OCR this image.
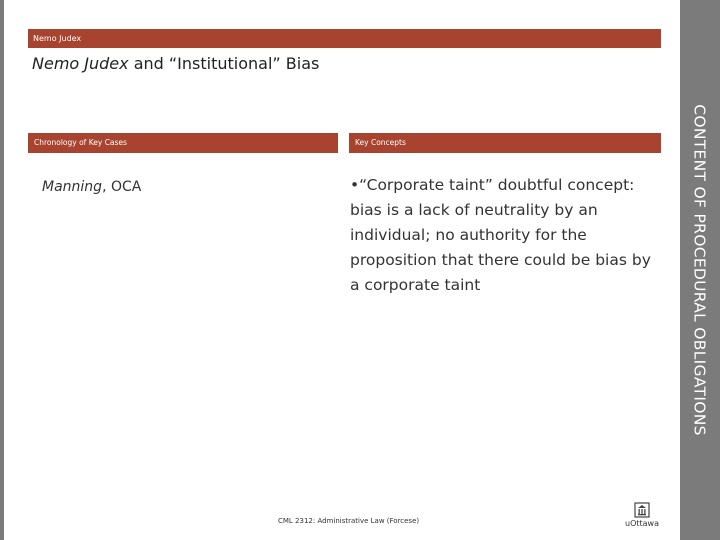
Nemo Judex
Nemo Judex and “Institutional” Bias
Chronology of Key Cases	Key Concepts
Manning, OCA	•“Corporate taint” doubtful concept: bias is a lack of neutrality by an individual; no authority for the proposition that there could be bias by a corporate taint
CML 2312: Administrative Law (Forcese)	uOttawa
CONTENT OF PROCEDURAL OBLIGATIONS
